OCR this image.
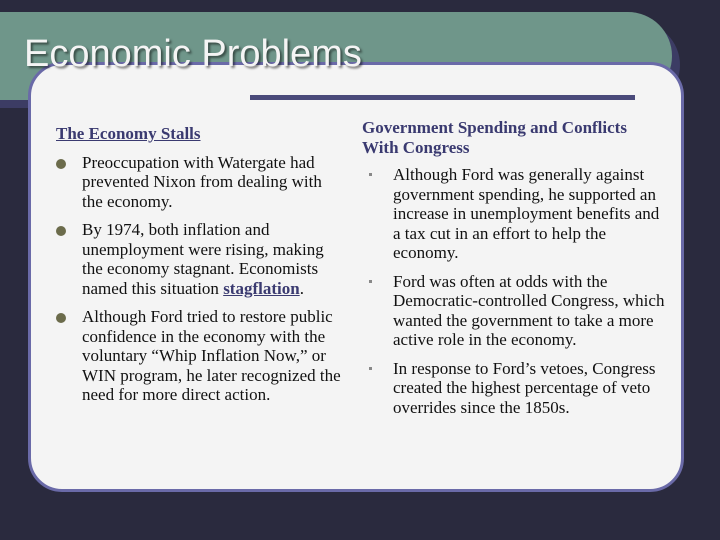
Economic Problems
The Economy Stalls
Preoccupation with Watergate had prevented Nixon from dealing with the economy.
By 1974, both inflation and unemployment were rising, making the economy stagnant. Economists named this situation stagflation.
Although Ford tried to restore public confidence in the economy with the voluntary “Whip Inflation Now,” or WIN program, he later recognized the need for more direct action.
Government Spending and Conflicts With Congress
Although Ford was generally against government spending, he supported an increase in unemployment benefits and a tax cut in an effort to help the economy.
Ford was often at odds with the Democratic-controlled Congress, which wanted the government to take a more active role in the economy.
In response to Ford’s vetoes, Congress created the highest percentage of veto overrides since the 1850s.
